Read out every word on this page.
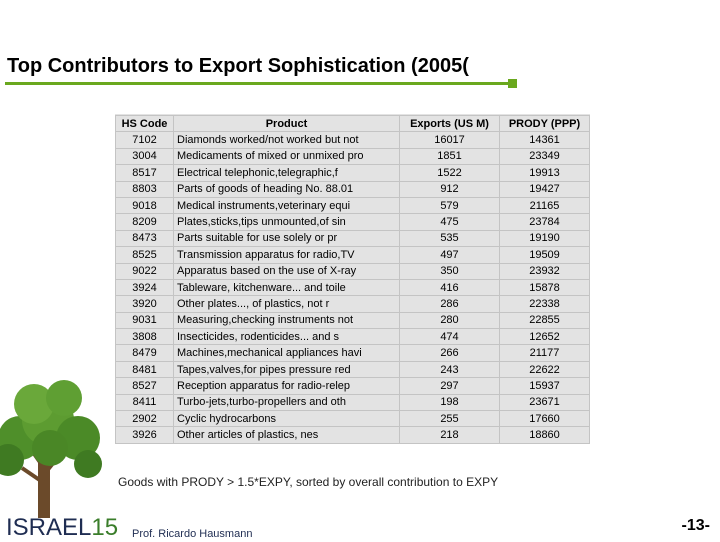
Top Contributors to Export Sophistication (2005(
HS Code	Product	Exports (US M)	PRODY (PPP)
7102	Diamonds worked/not worked but not	16017	14361
3004	Medicaments of mixed or unmixed pro	1851	23349
8517	Electrical telephonic,telegraphic,f	1522	19913
8803	Parts of goods of heading No. 88.01	912	19427
9018	Medical instruments,veterinary equi	579	21165
8209	Plates,sticks,tips unmounted,of sin	475	23784
8473	Parts suitable for use solely or pr	535	19190
8525	Transmission apparatus for radio,TV	497	19509
9022	Apparatus based on the use of X-ray	350	23932
3924	Tableware, kitchenware... and toile	416	15878
3920	Other plates..., of plastics, not r	286	22338
9031	Measuring,checking instruments not	280	22855
3808	Insecticides, rodenticides... and s	474	12652
8479	Machines,mechanical appliances havi	266	21177
8481	Tapes,valves,for pipes pressure red	243	22622
8527	Reception apparatus for radio-relep	297	15937
8411	Turbo-jets,turbo-propellers and oth	198	23671
2902	Cyclic hydrocarbons	255	17660
3926	Other articles of plastics, nes	218	18860
Goods with PRODY > 1.5*EXPY, sorted by overall contribution to EXPY
ISRAEL15 Prof. Ricardo Hausmann	-13-
